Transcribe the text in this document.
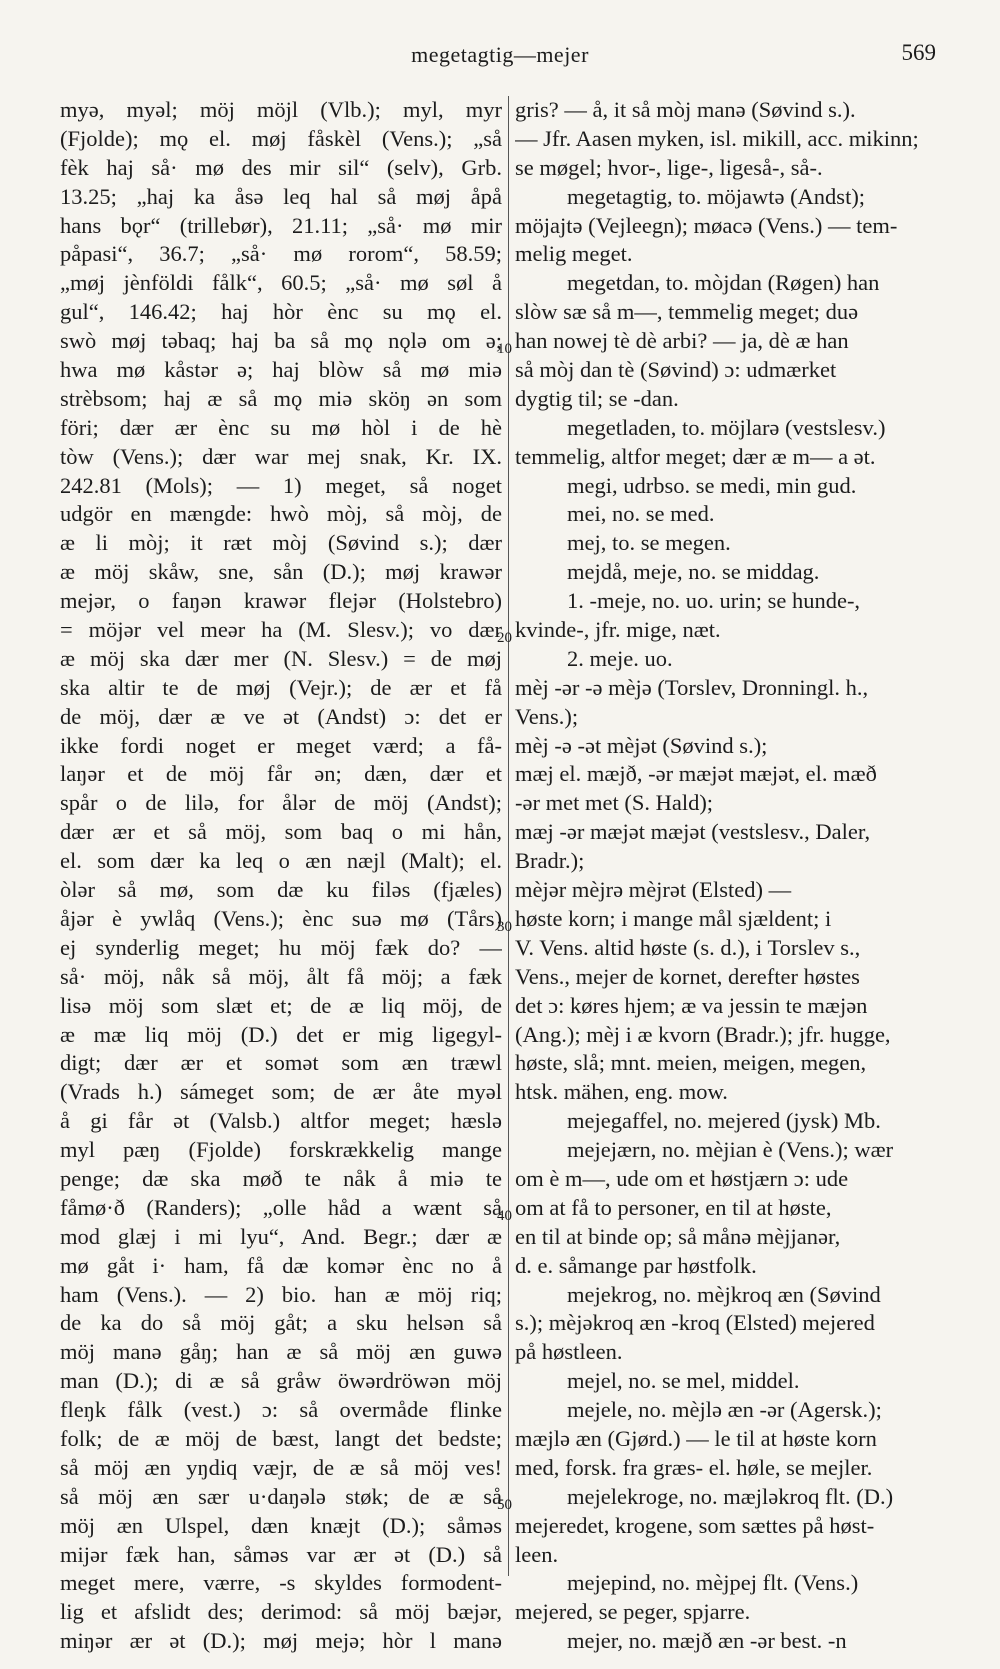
megetagtig—mejer	569
myə, myəl; möj möjl (Vlb.); myl, myr
(Fjolde); mǫ el. møj fåskèl (Vens.); „så
fèk haj så· mø des mir sil“ (selv), Grb.
13.25; „haj ka åsə leq hal så møj åpå
hans bǫr“ (trillebør), 21.11; „så· mø mir
påpasi“, 36.7; „så· mø rorom“, 58.59;
„møj jènföldi fålk“, 60.5; „så· mø søl å
gul“, 146.42; haj hòr ènc su mǫ el.
swò møj təbaq; haj ba så mǫ nǫlə om ə;
hwa mø kåstər ə; haj blòw så mø miə
strèbsom; haj æ så mǫ miə sköŋ ən som
föri; dær ær ènc su mø hòl i de hè
tòw (Vens.); dær war mej snak, Kr. IX.
242.81 (Mols); — 1) meget, så noget
udgör en mængde: hwò mòj, så mòj, de
æ li mòj; it ræt mòj (Søvind s.); dær
æ möj skåw, sne, sån (D.); møj krawər
mejər, o faŋən krawər flejər (Holstebro)
= möjər vel meər ha (M. Slesv.); vo dær
æ möj ska dær mer (N. Slesv.) = de møj
ska altir te de møj (Vejr.); de ær et få
de möj, dær æ ve ət (Andst) ɔ: det er
ikke fordi noget er meget værd; a få-
laŋər et de möj får ən; dæn, dær et
spår o de lilə, for ålər de möj (Andst);
dær ær et så möj, som baq o mi hån,
el. som dær ka leq o æn næjl (Malt); el.
òlər så mø, som dæ ku filəs (fjæles)
åjər è ywlåq (Vens.); ènc suə mø (Tårs)
ej synderlig meget; hu möj fæk do? —
så· möj, nåk så möj, ålt få möj; a fæk
lisə möj som slæt et; de æ liq möj, de
æ mæ liq möj (D.) det er mig ligegyl-
digt; dær ær et somət som æn træwl
(Vrads h.) sámeget som; de ær åte myəl
å gi får ət (Valsb.) altfor meget; hæslə
myl pæŋ (Fjolde) forskrækkelig mange
penge; dæ ska møð te nåk å miə te
fåmø·ð (Randers); „olle håd a wænt så
mod glæj i mi lyu“, And. Begr.; dær æ
mø gåt i· ham, få dæ komər ènc no å
ham (Vens.). — 2) bio. han æ möj riq;
de ka do så möj gåt; a sku helsən så
möj manə gåŋ; han æ så möj æn guwə
man (D.); di æ så gråw öwərdröwən möj
fleŋk fålk (vest.) ɔ: så overmåde flinke
folk; de æ möj de bæst, langt det bedste;
så möj æn yŋdiq væjr, de æ så möj ves!
så möj æn sær u·daŋələ støk; de æ så
möj æn Ulspel, dæn knæjt (D.); såməs
mijər fæk han, såməs var ær ət (D.) så
meget mere, værre, -s skyldes formodent-
lig et afslidt des; derimod: så möj bæjər,
miŋər ær ət (D.); møj mejə; hòr l manə
gris? — å, it så mòj manə (Søvind s.).
— Jfr. Aasen myken, isl. mikill, acc. mikinn;
se møgel; hvor-, lige-, ligeså-, så-.
megetagtig, to. möjawtə (Andst);
möjajtə (Vejleegn); møacə (Vens.) — tem-
melig meget.
megetdan, to. mòjdan (Røgen) han
slòw sæ så m—, temmelig meget; duə
han nowej tè dè arbi? — ja, dè æ han
så mòj dan tè (Søvind) ɔ: udmærket
dygtig til; se -dan.
megetladen, to. möjlarə (vestslesv.)
temmelig, altfor meget; dær æ m— a ət.
megi, udrbso. se medi, min gud.
mei, no. se med.
mej, to. se megen.
mejdå, meje, no. se middag.
1. -meje, no. uo. urin; se hunde-,
kvinde-, jfr. mige, næt.
2. meje. uo.
mèj -ər -ə mèjə (Torslev, Dronningl. h.,
Vens.);
mèj -ə -ət mèjət (Søvind s.);
mæj el. mæjð, -ər mæjət mæjət, el. mæð
-ər met met (S. Hald);
mæj -ər mæjət mæjət (vestslesv., Daler,
Bradr.);
mèjər mèjrə mèjrət (Elsted) —
høste korn; i mange mål sjældent; i
V. Vens. altid høste (s. d.), i Torslev s.,
Vens., mejer de kornet, derefter høstes
det ɔ: køres hjem; æ va jessin te mæjən
(Ang.); mèj i æ kvorn (Bradr.); jfr. hugge,
høste, slå; mnt. meien, meigen, megen,
htsk. mähen, eng. mow.
mejegaffel, no. mejered (jysk) Mb.
mejejærn, no. mèjian è (Vens.); wær
om è m—, ude om et høstjærn ɔ: ude
om at få to personer, en til at høste,
en til at binde op; så månə mèjjanər,
d. e. såmange par høstfolk.
mejekrog, no. mèjkroq æn (Søvind
s.); mèjəkroq æn -kroq (Elsted) mejered
på høstleen.
mejel, no. se mel, middel.
mejele, no. mèjlə æn -ər (Agersk.);
mæjlə æn (Gjørd.) — le til at høste korn
med, forsk. fra græs- el. høle, se mejler.
mejelekroge, no. mæjləkroq flt. (D.)
mejeredet, krogene, som sættes på høst-
leen.
mejepind, no. mèjpej flt. (Vens.)
mejered, se peger, spjarre.
mejer, no. mæjð æn -ər best. -n
10
20
30
40
50
